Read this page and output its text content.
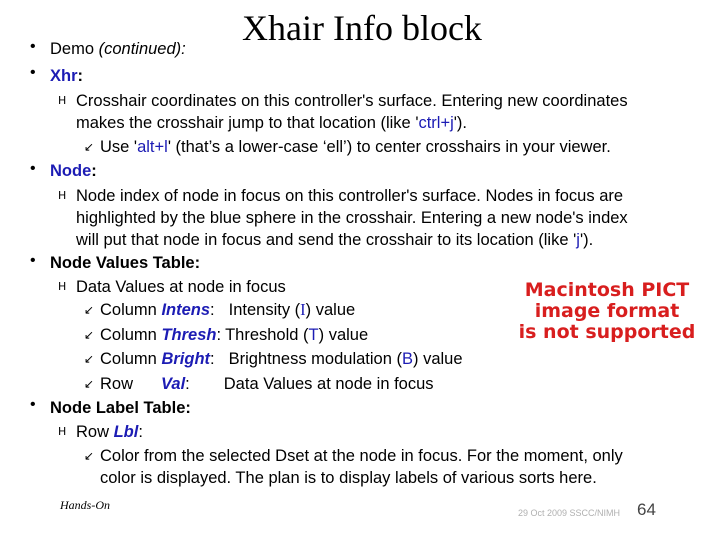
Xhair Info block
• Demo (continued):
• Xhr:
H Crosshair coordinates on this controller's surface. Entering new coordinates
makes the crosshair jump to that location (like 'ctrl+j').
↙ Use 'alt+l' (that’s a lower-case ‘ell’) to center crosshairs in your viewer.
• Node:
H Node index of node in focus on this controller's surface. Nodes in focus are
highlighted by the blue sphere in the crosshair. Entering a new node's index
will put that node in focus and send the crosshair to its location (like 'j').
• Node Values Table:
H Data Values at node in focus
↙ Column Intens: Intensity (I) value
↙ Column Thresh: Threshold (T) value
↙ Column Bright: Brightness modulation (B) value
↙ Row Val: Data Values at node in focus
• Node Label Table:
H Row Lbl:
↙ Color from the selected Dset at the node in focus. For the moment, only
color is displayed. The plan is to display labels of various sorts here.
Macintosh PICT
image format
is not supported
Hands-On
29 Oct 2009 SSCC/NIMH 64
